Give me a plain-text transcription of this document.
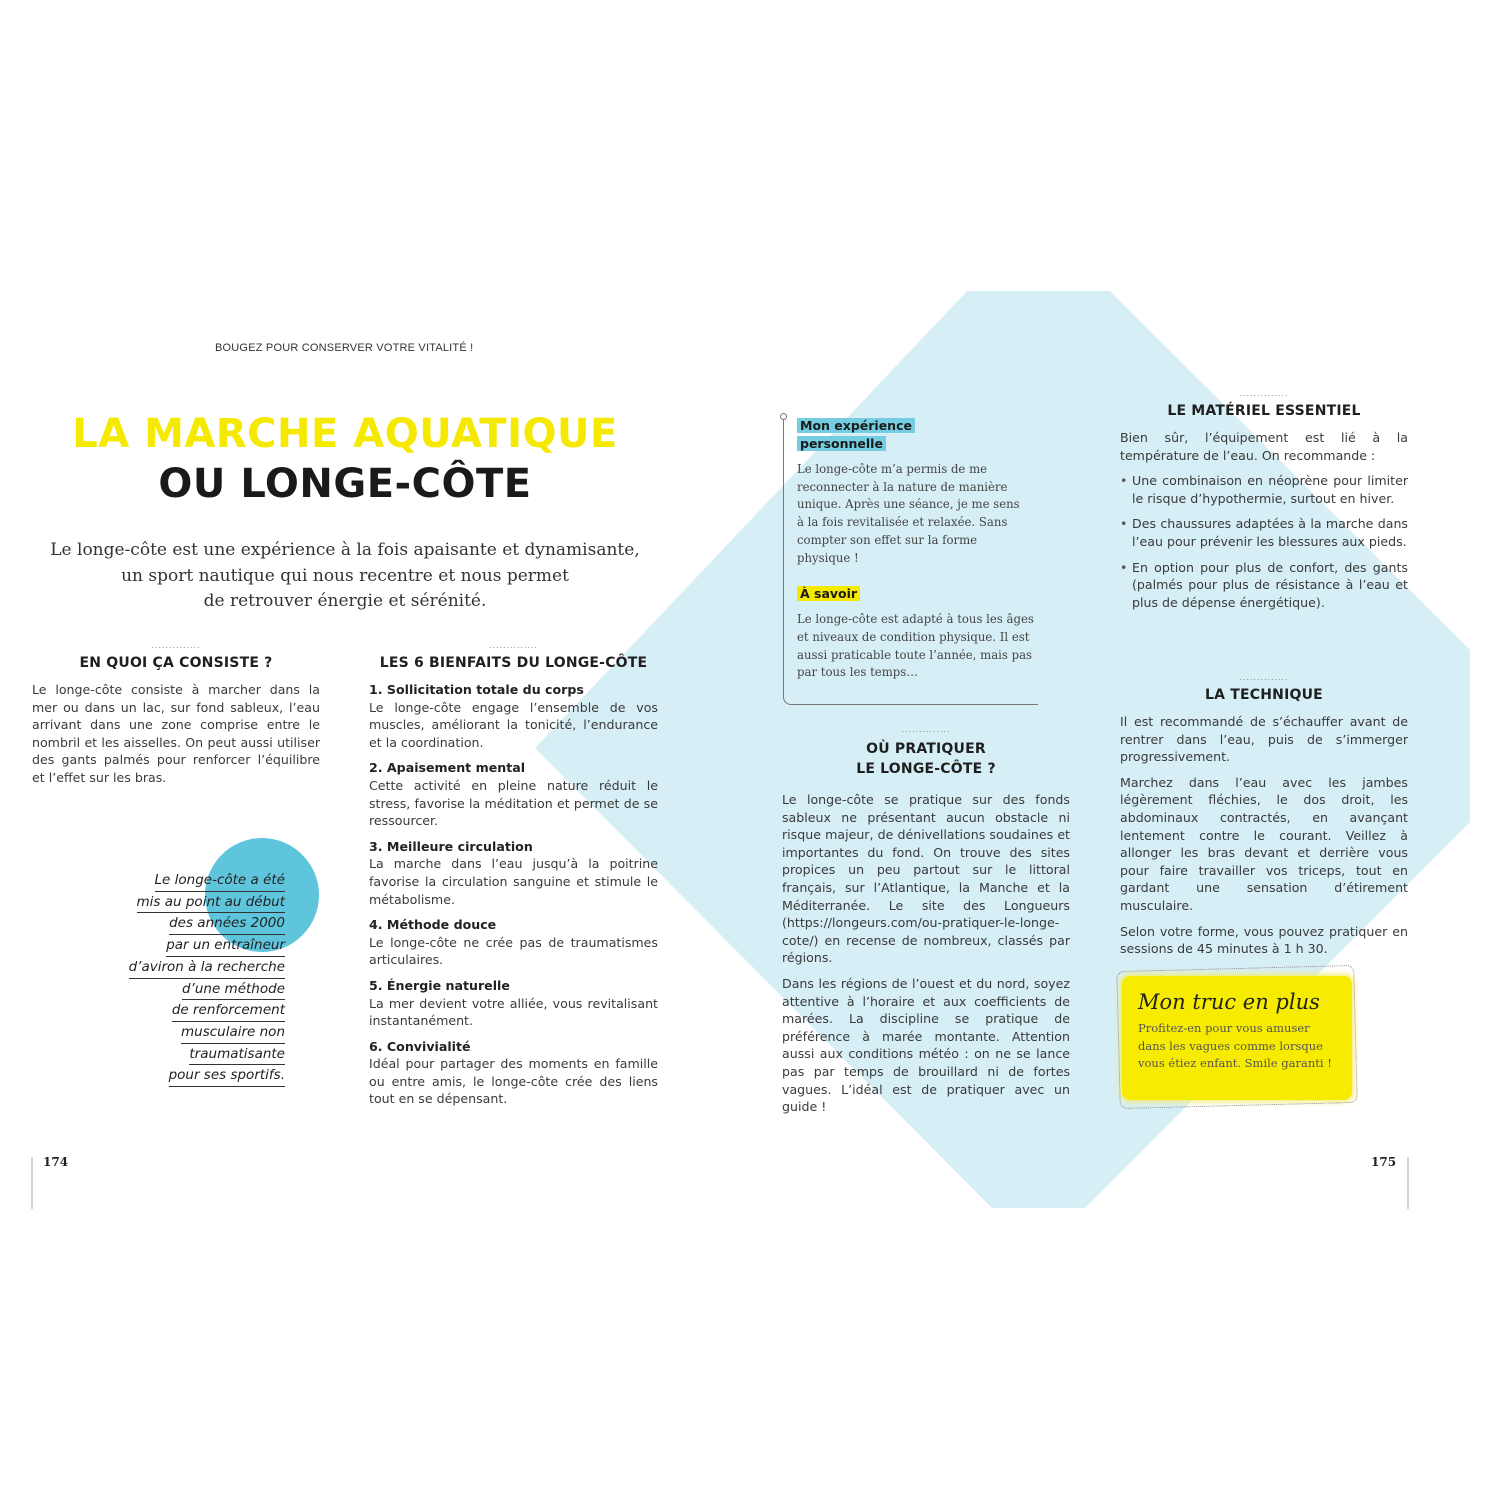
BOUGEZ POUR CONSERVER VOTRE VITALITÉ !
LA MARCHE AQUATIQUE
OU LONGE-CÔTE
Le longe-côte est une expérience à la fois apaisante et dynamisante,
un sport nautique qui nous recentre et nous permet
de retrouver énergie et sérénité.
..............
EN QUOI ÇA CONSISTE ?
Le longe-côte consiste à marcher dans la mer ou dans un lac, sur fond sableux, l’eau arrivant dans une zone comprise entre le nombril et les aisselles. On peut aussi utiliser des gants palmés pour renforcer l’équilibre et l’effet sur les bras.
Le longe-côte a été
mis au point au début
des années 2000
par un entraîneur
d’aviron à la recherche
d’une méthode
de renforcement
musculaire non
traumatisante
pour ses sportifs.
..............
LES 6 BIENFAITS DU LONGE-CÔTE
1. Sollicitation totale du corps
Le longe-côte engage l’ensemble de vos muscles, améliorant la tonicité, l’endurance et la coordination.
2. Apaisement mental
Cette activité en pleine nature réduit le stress, favorise la méditation et permet de se ressourcer.
3. Meilleure circulation
La marche dans l’eau jusqu’à la poitrine favorise la circulation sanguine et stimule le métabolisme.
4. Méthode douce
Le longe-côte ne crée pas de traumatismes articulaires.
5. Énergie naturelle
La mer devient votre alliée, vous revitalisant instantanément.
6. Convivialité
Idéal pour partager des moments en famille ou entre amis, le longe-côte crée des liens tout en se dépensant.
Mon expérience
personnelle
Le longe-côte m’a permis de me reconnecter à la nature de manière unique. Après une séance, je me sens à la fois revitalisée et relaxée. Sans compter son effet sur la forme physique !
À savoir
Le longe-côte est adapté à tous les âges et niveaux de condition physique. Il est aussi praticable toute l’année, mais pas par tous les temps…
..............
OÙ PRATIQUER
LE LONGE-CÔTE ?
Le longe-côte se pratique sur des fonds sableux ne présentant aucun obstacle ni risque majeur, de dénivellations soudaines et importantes du fond. On trouve des sites propices un peu partout sur le littoral français, sur l’Atlantique, la Manche et la Méditerranée. Le site des Longueurs (https://longeurs.com/ou-pratiquer-le-longe-cote/) en recense de nombreux, classés par régions.
Dans les régions de l’ouest et du nord, soyez attentive à l’horaire et aux coefficients de marées. La discipline se pratique de préférence à marée montante. Attention aussi aux conditions météo : on ne se lance pas par temps de brouillard ni de fortes vagues. L’idéal est de pratiquer avec un guide !
..............
LE MATÉRIEL ESSENTIEL
Bien sûr, l’équipement est lié à la température de l’eau. On recommande :
• Une combinaison en néoprène pour limiter le risque d’hypothermie, surtout en hiver.
• Des chaussures adaptées à la marche dans l’eau pour prévenir les blessures aux pieds.
• En option pour plus de confort, des gants (palmés pour plus de résistance à l’eau et plus de dépense énergétique).
..............
LA TECHNIQUE
Il est recommandé de s’échauffer avant de rentrer dans l’eau, puis de s’immerger progressivement.
Marchez dans l’eau avec les jambes légèrement fléchies, le dos droit, les abdominaux contractés, en avançant lentement contre le courant. Veillez à allonger les bras devant et derrière vous pour faire travailler vos triceps, tout en gardant une sensation d’étirement musculaire.
Selon votre forme, vous pouvez pratiquer en sessions de 45 minutes à 1 h 30.
Mon truc en plus
Profitez-en pour vous amuser
dans les vagues comme lorsque
vous étiez enfant. Smile garanti !
174	175
